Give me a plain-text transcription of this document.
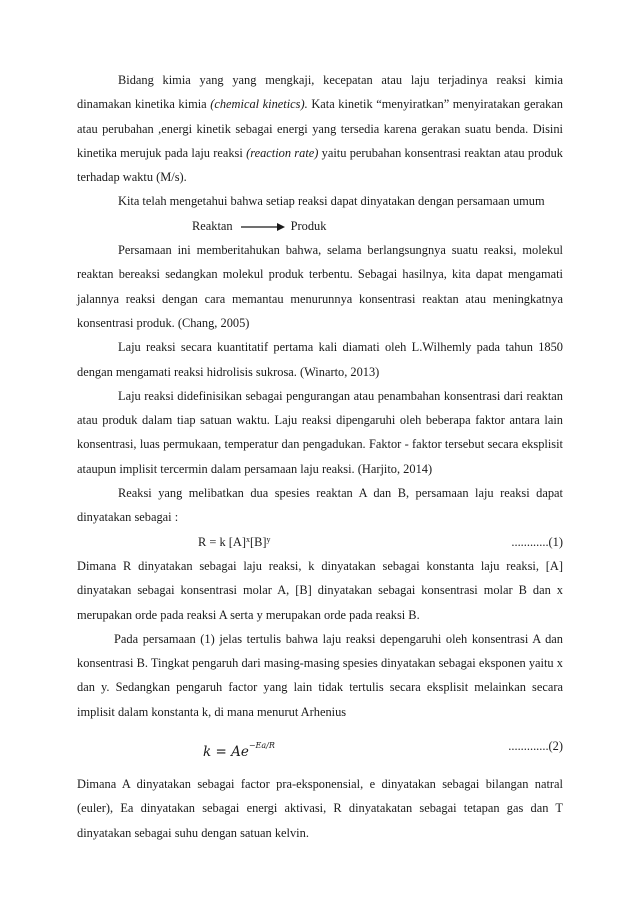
Bidang kimia yang yang mengkaji, kecepatan atau laju terjadinya reaksi kimia dinamakan kinetika kimia (chemical kinetics). Kata kinetik “menyiratkan” menyiratakan gerakan atau perubahan ,energi kinetik sebagai energi yang tersedia karena gerakan suatu benda. Disini kinetika merujuk pada laju reaksi (reaction rate) yaitu perubahan konsentrasi reaktan atau produk terhadap waktu (M/s).

Kita telah mengetahui bahwa setiap reaksi dapat dinyatakan dengan persamaan umum

Reaktan	Produk

Persamaan ini memberitahukan bahwa, selama berlangsungnya suatu reaksi, molekul reaktan bereaksi sedangkan molekul produk terbentu. Sebagai hasilnya, kita dapat mengamati jalannya reaksi dengan cara memantau menurunnya konsentrasi reaktan atau meningkatnya konsentrasi produk. (Chang, 2005)

Laju reaksi secara kuantitatif pertama kali diamati oleh L.Wilhemly pada tahun 1850 dengan mengamati reaksi hidrolisis sukrosa. (Winarto, 2013)

Laju reaksi didefinisikan sebagai pengurangan atau penambahan konsentrasi dari reaktan atau produk dalam tiap satuan waktu. Laju reaksi dipengaruhi oleh beberapa faktor antara lain konsentrasi, luas permukaan, temperatur dan pengadukan. Faktor - faktor tersebut secara eksplisit ataupun implisit tercermin dalam persamaan laju reaksi. (Harjito, 2014)

Reaksi yang melibatkan dua spesies reaktan A dan B, persamaan laju reaksi dapat dinyatakan sebagai :

R = k $[A]^x[B]^y$	............(1)

Dimana R dinyatakan sebagai laju reaksi, k dinyatakan sebagai konstanta laju reaksi, [A] dinyatakan sebagai konsentrasi molar A, [B] dinyatakan sebagai konsentrasi molar B dan x merupakan orde pada reaksi A serta y merupakan orde pada reaksi B.

Pada persamaan (1) jelas tertulis bahwa laju reaksi depengaruhi oleh konsentrasi A dan konsentrasi B. Tingkat pengaruh dari masing-masing spesies dinyatakan sebagai eksponen yaitu x dan y. Sedangkan pengaruh factor yang lain tidak tertulis secara eksplisit melainkan secara implisit dalam konstanta k, di mana menurut Arhenius

$k = Ae^{-Ea/R}$	.............(2)

Dimana A dinyatakan sebagai factor pra-eksponensial, e dinyatakan sebagai bilangan natral (euler), Ea dinyatakan sebagai energi aktivasi, R dinyatakatan sebagai tetapan gas dan T dinyatakan sebagai suhu dengan satuan kelvin.
